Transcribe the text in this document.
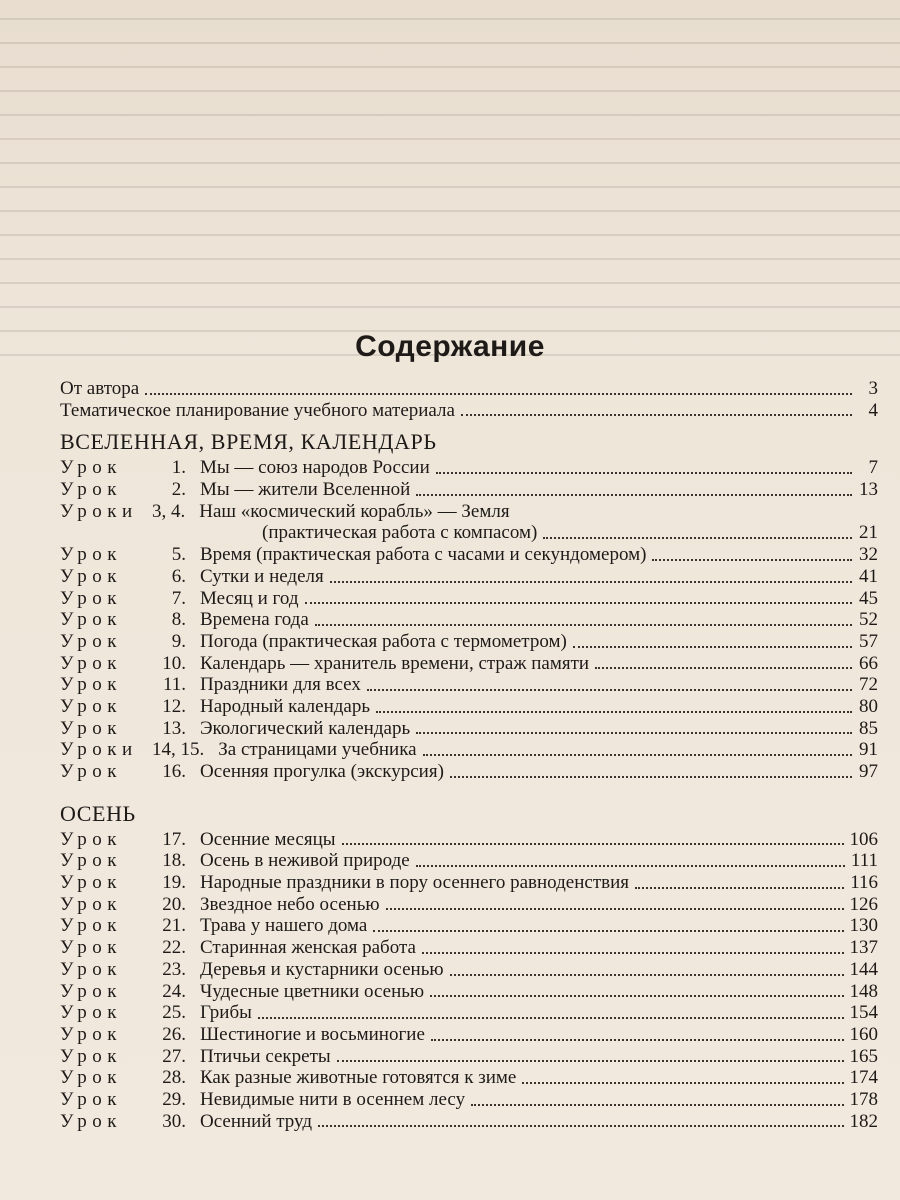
Содержание
От автора	3
Тематическое планирование учебного материала	4
ВСЕЛЕННАЯ, ВРЕМЯ, КАЛЕНДАРЬ
Урок	1. Мы — союз народов России	7
Урок	2. Мы — жители Вселенной	13
Уроки 3, 4. Наш «космический корабль» — Земля
(практическая работа с компасом)	21
Урок	5. Время (практическая работа с часами и секундомером)	32
Урок	6. Сутки и неделя	41
Урок	7. Месяц и год	45
Урок	8. Времена года	52
Урок	9. Погода (практическая работа с термометром)	57
Урок	10. Календарь — хранитель времени, страж памяти	66
Урок	11. Праздники для всех	72
Урок	12. Народный календарь	80
Урок	13. Экологический календарь	85
Уроки 14, 15. За страницами учебника	91
Урок	16. Осенняя прогулка (экскурсия)	97
ОСЕНЬ
Урок	17. Осенние месяцы	106
Урок	18. Осень в неживой природе	111
Урок	19. Народные праздники в пору осеннего равноденствия	116
Урок	20. Звездное небо осенью	126
Урок	21. Трава у нашего дома	130
Урок	22. Старинная женская работа	137
Урок	23. Деревья и кустарники осенью	144
Урок	24. Чудесные цветники осенью	148
Урок	25. Грибы	154
Урок	26. Шестиногие и восьминогие	160
Урок	27. Птичьи секреты	165
Урок	28. Как разные животные готовятся к зиме	174
Урок	29. Невидимые нити в осеннем лесу	178
Урок	30. Осенний труд	182
